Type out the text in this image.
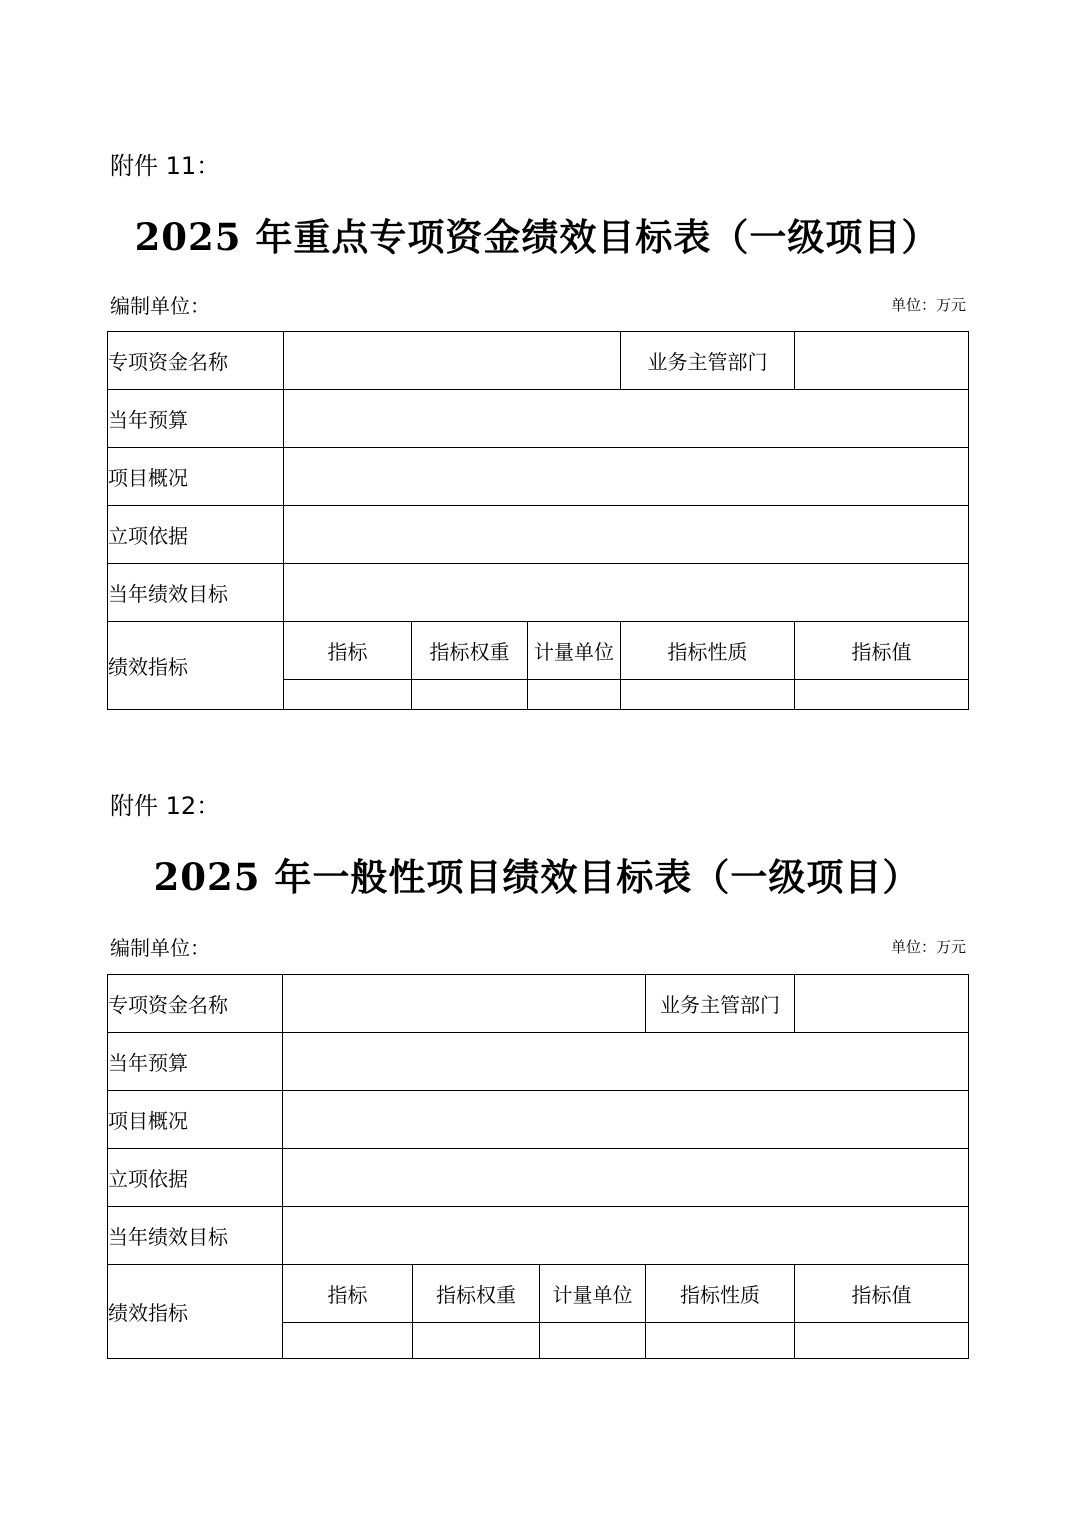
附件 11：
2025 年重点专项资金绩效目标表（一级项目）
编制单位：	单位：万元
专项资金名称				业务主管部门	
当年预算					
项目概况					
立项依据					
当年绩效目标					
绩效指标	指标	指标权重	计量单位	指标性质	指标值

附件 12：
2025 年一般性项目绩效目标表（一级项目）
编制单位：	单位：万元
专项资金名称				业务主管部门	
当年预算					
项目概况					
立项依据					
当年绩效目标					
绩效指标	指标	指标权重	计量单位	指标性质	指标值
